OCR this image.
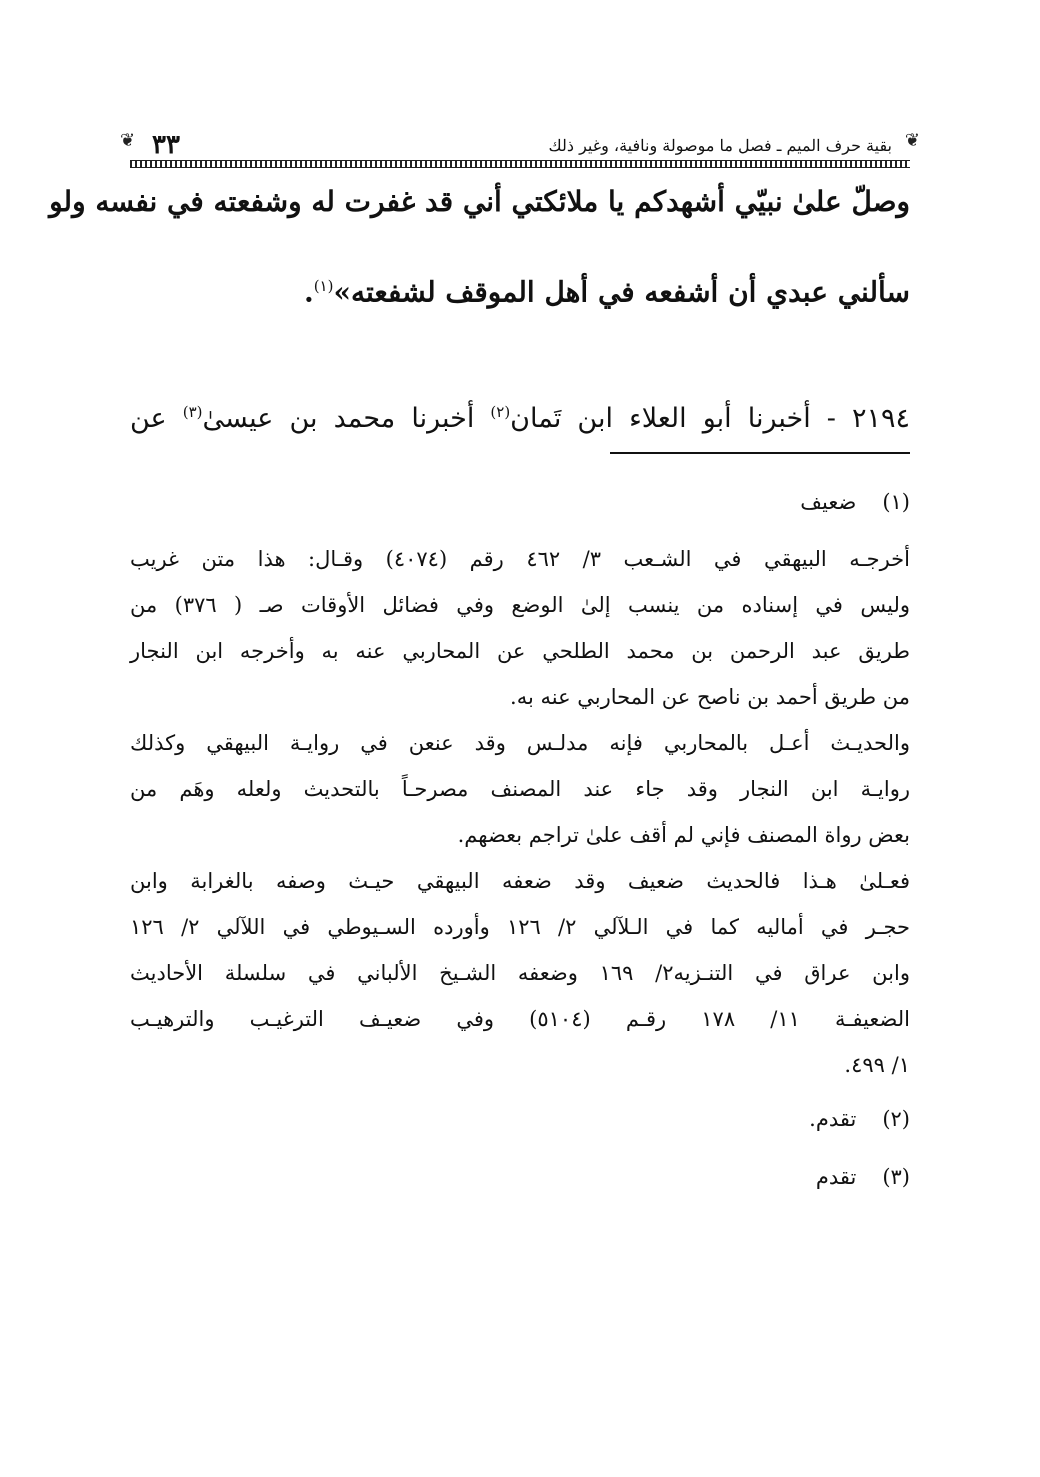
❦
بقية حرف الميم ـ فصل ما موصولة ونافية، وغير ذلك
٣٣
❦
وصلّ علىٰ نبيّي أشهدكم يا ملائكتي أني قد غفرت له وشفعته في نفسه ولو
سألني عبدي أن أشفعه في أهل الموقف لشفعته»$^{(١)}$.
٢١٩٤ - أخبرنا أبو العلاء ابن تَمان$^{(٢)}$ أخبرنا محمد بن عيسىٰ$^{(٣)}$ عن
(١)ضعيف
أخرجـه البيهقي في الشـعب ٣/ ٤٦٢ رقم (٤٠٧٤) وقـال: هذا متن غريب
وليس في إسناده من ينسب إلىٰ الوضع وفي فضائل الأوقات صـ ( ٣٧٦) من
طريق عبد الرحمن بن محمد الطلحي عن المحاربي عنه به وأخرجه ابن النجار
من طريق أحمد بن ناصح عن المحاربي عنه به.
والحديـث أعـل بالمحاربي فإنه مدلـس وقد عنعن في روايـة البيهقي وكذلك
روايـة ابن النجار وقد جاء عند المصنف مصرحـاً بالتحديث ولعله وهَم من
بعض رواة المصنف فإني لم أقف علىٰ تراجم بعضهم.
فعـلىٰ هـذا فالحديث ضعيف وقد ضعفه البيهقي حيـث وصفه بالغرابة وابن
حجـر في أماليه كما في الـلآلي ٢/ ١٢٦ وأورده السـيوطي في اللآلي ٢/ ١٢٦
وابن عراق في التنـزيه٢/ ١٦٩ وضعفه الشـيخ الألباني في سلسلة الأحاديث
الضعيفـة ١١/ ١٧٨ رقـم (٥١٠٤) وفي ضعيـف الترغيـب والترهيـب
١/ ٤٩٩.
(٢)تقدم.
(٣)تقدم
